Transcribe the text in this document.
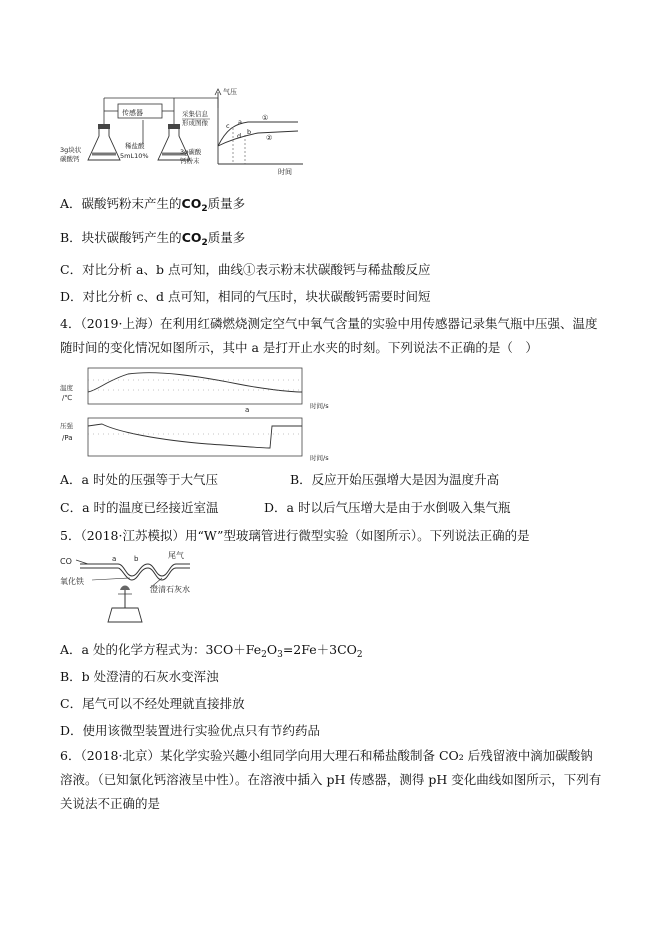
传感器	采集信息
形成图像
3g块状
碳酸钙
稀盐酸
5mL10%	3g碳酸
钙粉末
气压
时间
①
②
a
b
c
d
A．碳酸钙粉末产生的$CO_2$质量多
B．块状碳酸钙产生的$CO_2$质量多
C．对比分析 a、b 点可知，曲线①表示粉末状碳酸钙与稀盐酸反应
D．对比分析 c、d 点可知，相同的气压时，块状碳酸钙需要时间短
4．（2019·上海）在利用红磷燃烧测定空气中氧气含量的实验中用传感器记录集气瓶中压强、温度随时间的变化情况如图所示，其中 a 是打开止水夹的时刻。下列说法不正确的是（　）
温度
/℃
a	时间/s
压强
/Pa
时间/s
A．a 时处的压强等于大气压	B．反应开始压强增大是因为温度升高
C．a 时的温度已经接近室温	D．a 时以后气压增大是由于水倒吸入集气瓶
5．（2018·江苏模拟）用“W”型玻璃管进行微型实验（如图所示）。下列说法正确的是
CO
尾气
a	b
氧化铁
澄清石灰水
A．a 处的化学方程式为：$3CO+Fe_2O_3=2Fe+3CO_2$
B．b 处澄清的石灰水变浑浊
C．尾气可以不经处理就直接排放
D．使用该微型装置进行实验优点只有节约药品
6．（2018·北京）某化学实验兴趣小组同学向用大理石和稀盐酸制备 CO₂ 后残留液中滴加碳酸钠溶液。（已知氯化钙溶液呈中性）。在溶液中插入 pH 传感器，测得 pH 变化曲线如图所示，下列有关说法不正确的是
